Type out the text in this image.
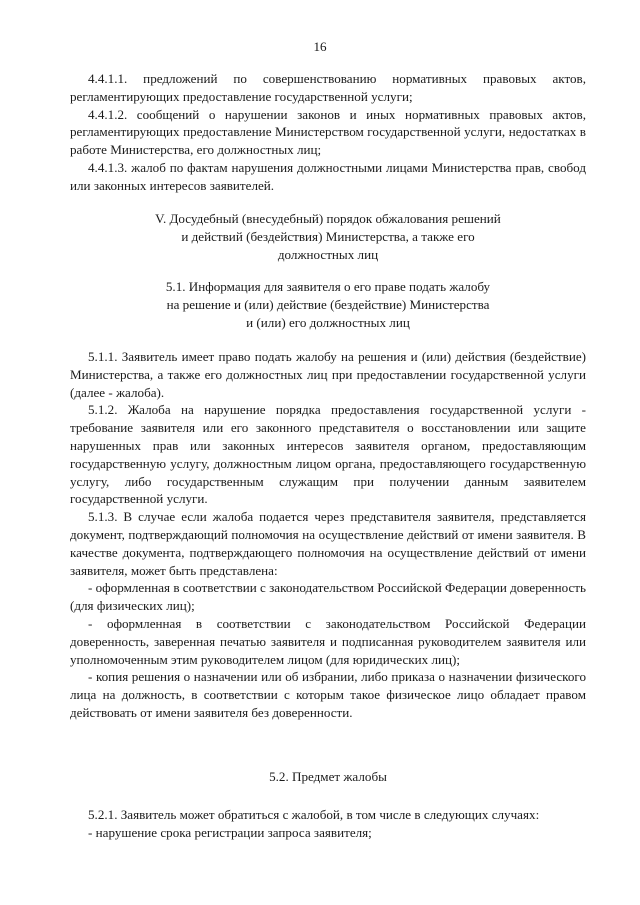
16

4.4.1.1. предложений по совершенствованию нормативных правовых актов, регламентирующих предоставление государственной услуги;

4.4.1.2. сообщений о нарушении законов и иных нормативных правовых актов, регламентирующих предоставление Министерством государственной услуги, недостатках в работе Министерства, его должностных лиц;

4.4.1.3. жалоб по фактам нарушения должностными лицами Министерства прав, свобод или законных интересов заявителей.

V. Досудебный (внесудебный) порядок обжалования решений
и действий (бездействия) Министерства, а также его
должностных лиц
5.1. Информация для заявителя о его праве подать жалобу
на решение и (или) действие (бездействие) Министерства
и (или) его должностных лиц

5.1.1. Заявитель имеет право подать жалобу на решения и (или) действия (бездействие) Министерства, а также его должностных лиц при предоставлении государственной услуги (далее - жалоба).

5.1.2. Жалоба на нарушение порядка предоставления государственной услуги - требование заявителя или его законного представителя о восстановлении или защите нарушенных прав или законных интересов заявителя органом, предоставляющим государственную услугу, должностным лицом органа, предоставляющего государственную услугу, либо государственным служащим при получении данным заявителем государственной услуги.

5.1.3. В случае если жалоба подается через представителя заявителя, представляется документ, подтверждающий полномочия на осуществление действий от имени заявителя. В качестве документа, подтверждающего полномочия на осуществление действий от имени заявителя, может быть представлена:

- оформленная в соответствии с законодательством Российской Федерации доверенность (для физических лиц);

- оформленная в соответствии с законодательством Российской Федерации доверенность, заверенная печатью заявителя и подписанная руководителем заявителя или уполномоченным этим руководителем лицом (для юридических лиц);

- копия решения о назначении или об избрании, либо приказа о назначении физического лица на должность, в соответствии с которым такое физическое лицо обладает правом действовать от имени заявителя без доверенности.

5.2. Предмет жалобы

5.2.1. Заявитель может обратиться с жалобой, в том числе в следующих случаях:

- нарушение срока регистрации запроса заявителя;
